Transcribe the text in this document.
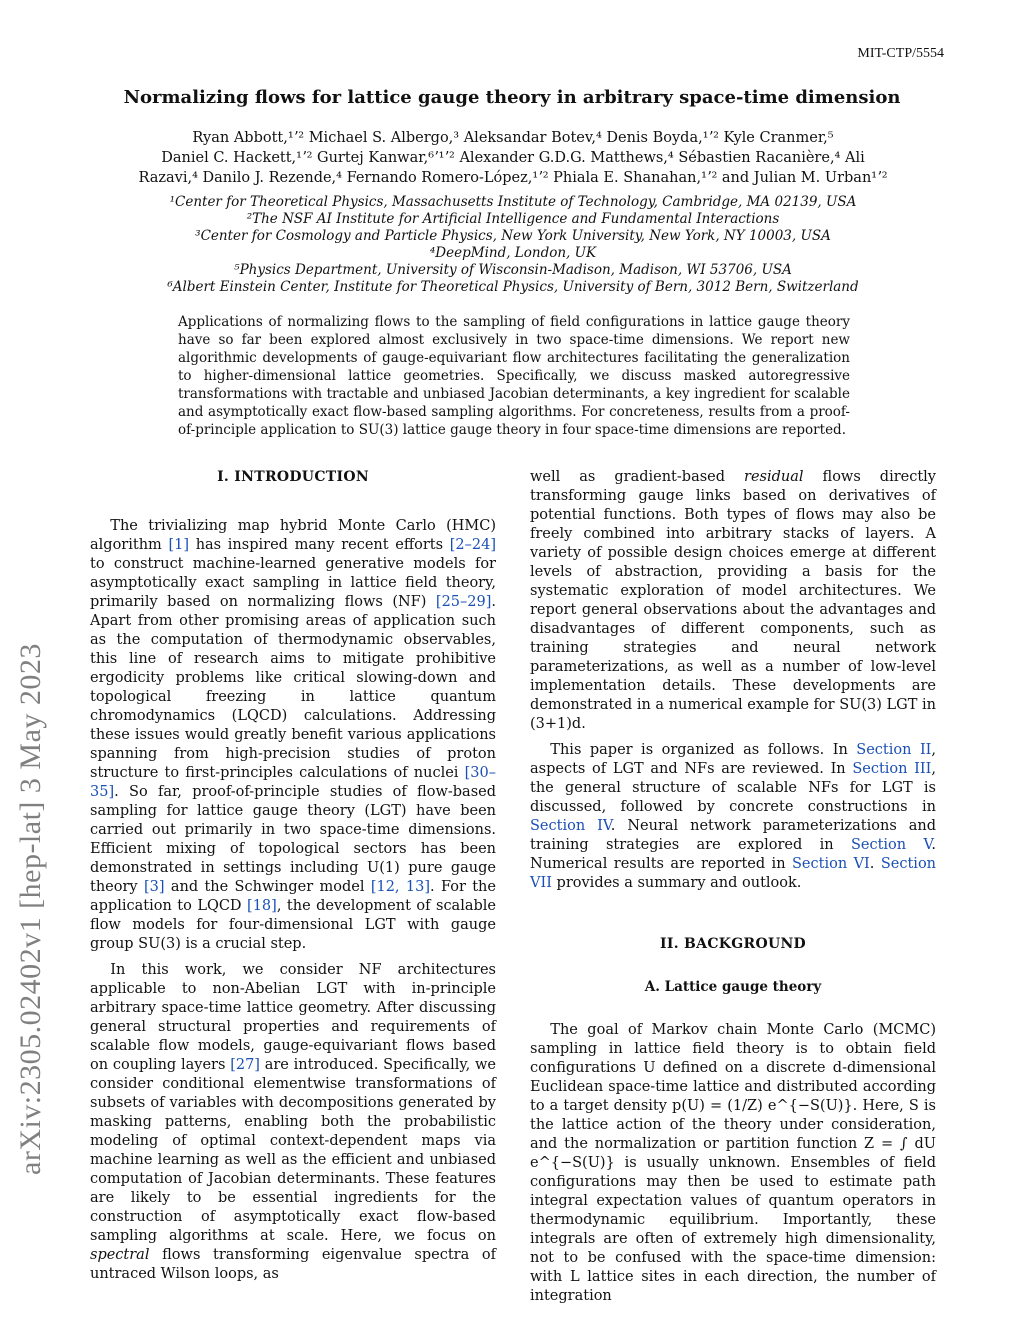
arXiv:2305.02402v1 [hep-lat] 3 May 2023
MIT-CTP/5554
Normalizing flows for lattice gauge theory in arbitrary space-time dimension
Ryan Abbott,¹ʼ² Michael S. Albergo,³ Aleksandar Botev,⁴ Denis Boyda,¹ʼ² Kyle Cranmer,⁵
Daniel C. Hackett,¹ʼ² Gurtej Kanwar,⁶ʼ¹ʼ² Alexander G.D.G. Matthews,⁴ Sébastien Racanière,⁴ Ali
Razavi,⁴ Danilo J. Rezende,⁴ Fernando Romero-López,¹ʼ² Phiala E. Shanahan,¹ʼ² and Julian M. Urban¹ʼ²
¹Center for Theoretical Physics, Massachusetts Institute of Technology, Cambridge, MA 02139, USA
²The NSF AI Institute for Artificial Intelligence and Fundamental Interactions
³Center for Cosmology and Particle Physics, New York University, New York, NY 10003, USA
⁴DeepMind, London, UK
⁵Physics Department, University of Wisconsin-Madison, Madison, WI 53706, USA
⁶Albert Einstein Center, Institute for Theoretical Physics, University of Bern, 3012 Bern, Switzerland
Applications of normalizing flows to the sampling of field configurations in lattice gauge theory have so far been explored almost exclusively in two space-time dimensions. We report new algorithmic developments of gauge-equivariant flow architectures facilitating the generalization to higher-dimensional lattice geometries. Specifically, we discuss masked autoregressive transformations with tractable and unbiased Jacobian determinants, a key ingredient for scalable and asymptotically exact flow-based sampling algorithms. For concreteness, results from a proof-of-principle application to SU(3) lattice gauge theory in four space-time dimensions are reported.
I. INTRODUCTION

The trivializing map hybrid Monte Carlo (HMC) algorithm [1] has inspired many recent efforts [2–24] to construct machine-learned generative models for asymptotically exact sampling in lattice field theory, primarily based on normalizing flows (NF) [25–29]. Apart from other promising areas of application such as the computation of thermodynamic observables, this line of research aims to mitigate prohibitive ergodicity problems like critical slowing-down and topological freezing in lattice quantum chromodynamics (LQCD) calculations. Addressing these issues would greatly benefit various applications spanning from high-precision studies of proton structure to first-principles calculations of nuclei [30–35]. So far, proof-of-principle studies of flow-based sampling for lattice gauge theory (LGT) have been carried out primarily in two space-time dimensions. Efficient mixing of topological sectors has been demonstrated in settings including U(1) pure gauge theory [3] and the Schwinger model [12, 13]. For the application to LQCD [18], the development of scalable flow models for four-dimensional LGT with gauge group SU(3) is a crucial step.

In this work, we consider NF architectures applicable to non-Abelian LGT with in-principle arbitrary space-time lattice geometry. After discussing general structural properties and requirements of scalable flow models, gauge-equivariant flows based on coupling layers [27] are introduced. Specifically, we consider conditional elementwise transformations of subsets of variables with decompositions generated by masking patterns, enabling both the probabilistic modeling of optimal context-dependent maps via machine learning as well as the efficient and unbiased computation of Jacobian determinants. These features are likely to be essential ingredients for the construction of asymptotically exact flow-based sampling algorithms at scale. Here, we focus on spectral flows transforming eigenvalue spectra of untraced Wilson loops, as

well as gradient-based residual flows directly transforming gauge links based on derivatives of potential functions. Both types of flows may also be freely combined into arbitrary stacks of layers. A variety of possible design choices emerge at different levels of abstraction, providing a basis for the systematic exploration of model architectures. We report general observations about the advantages and disadvantages of different components, such as training strategies and neural network parameterizations, as well as a number of low-level implementation details. These developments are demonstrated in a numerical example for SU(3) LGT in (3+1)d.

This paper is organized as follows. In Section II, aspects of LGT and NFs are reviewed. In Section III, the general structure of scalable NFs for LGT is discussed, followed by concrete constructions in Section IV. Neural network parameterizations and training strategies are explored in Section V. Numerical results are reported in Section VI. Section VII provides a summary and outlook.

II. BACKGROUND
A. Lattice gauge theory

The goal of Markov chain Monte Carlo (MCMC) sampling in lattice field theory is to obtain field configurations U defined on a discrete d-dimensional Euclidean space-time lattice and distributed according to a target density p(U) = (1/Z) e^{−S(U)}. Here, S is the lattice action of the theory under consideration, and the normalization or partition function Z = ∫ dU e^{−S(U)} is usually unknown. Ensembles of field configurations may then be used to estimate path integral expectation values of quantum operators in thermodynamic equilibrium. Importantly, these integrals are often of extremely high dimensionality, not to be confused with the space-time dimension: with L lattice sites in each direction, the number of integration
